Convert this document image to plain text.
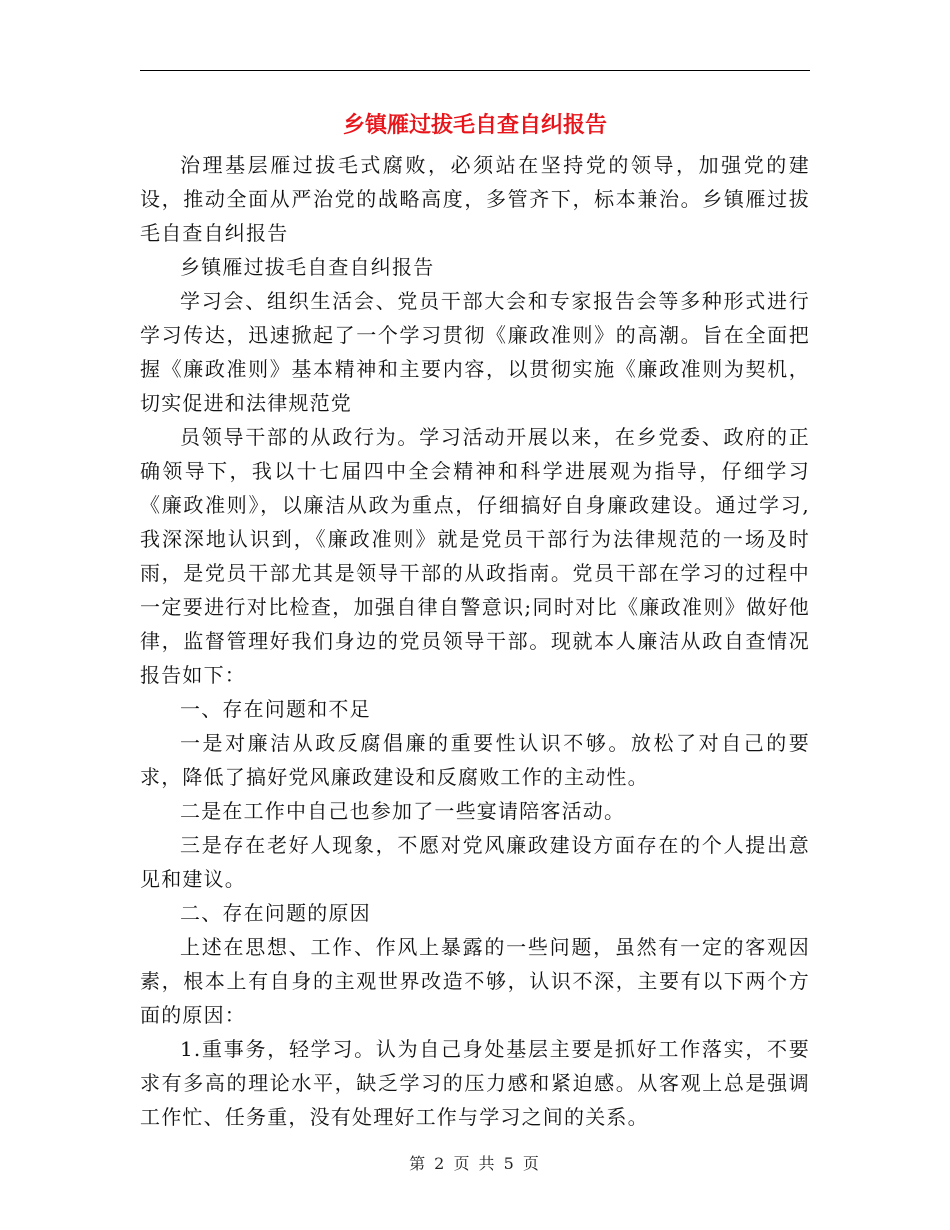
乡镇雁过拔毛自查自纠报告

治理基层雁过拔毛式腐败，必须站在坚持党的领导，加强党的建设，推动全面从严治党的战略高度，多管齐下，标本兼治。乡镇雁过拔毛自查自纠报告

乡镇雁过拔毛自查自纠报告

学习会、组织生活会、党员干部大会和专家报告会等多种形式进行学习传达，迅速掀起了一个学习贯彻《廉政准则》的高潮。旨在全面把握《廉政准则》基本精神和主要内容，以贯彻实施《廉政准则为契机，切实促进和法律规范党

员领导干部的从政行为。学习活动开展以来，在乡党委、政府的正确领导下，我以十七届四中全会精神和科学进展观为指导，仔细学习《廉政准则》，以廉洁从政为重点，仔细搞好自身廉政建设。通过学习,我深深地认识到，《廉政准则》就是党员干部行为法律规范的一场及时雨，是党员干部尤其是领导干部的从政指南。党员干部在学习的过程中一定要进行对比检查，加强自律自警意识;同时对比《廉政准则》做好他律，监督管理好我们身边的党员领导干部。现就本人廉洁从政自查情况报告如下：

一、存在问题和不足

一是对廉洁从政反腐倡廉的重要性认识不够。放松了对自己的要求，降低了搞好党风廉政建设和反腐败工作的主动性。

二是在工作中自己也参加了一些宴请陪客活动。

三是存在老好人现象，不愿对党风廉政建设方面存在的个人提出意见和建议。

二、存在问题的原因

上述在思想、工作、作风上暴露的一些问题，虽然有一定的客观因素，根本上有自身的主观世界改造不够，认识不深，主要有以下两个方面的原因：

1.重事务，轻学习。认为自己身处基层主要是抓好工作落实，不要求有多高的理论水平，缺乏学习的压力感和紧迫感。从客观上总是强调工作忙、任务重，没有处理好工作与学习之间的关系。

第 2 页 共 5 页
